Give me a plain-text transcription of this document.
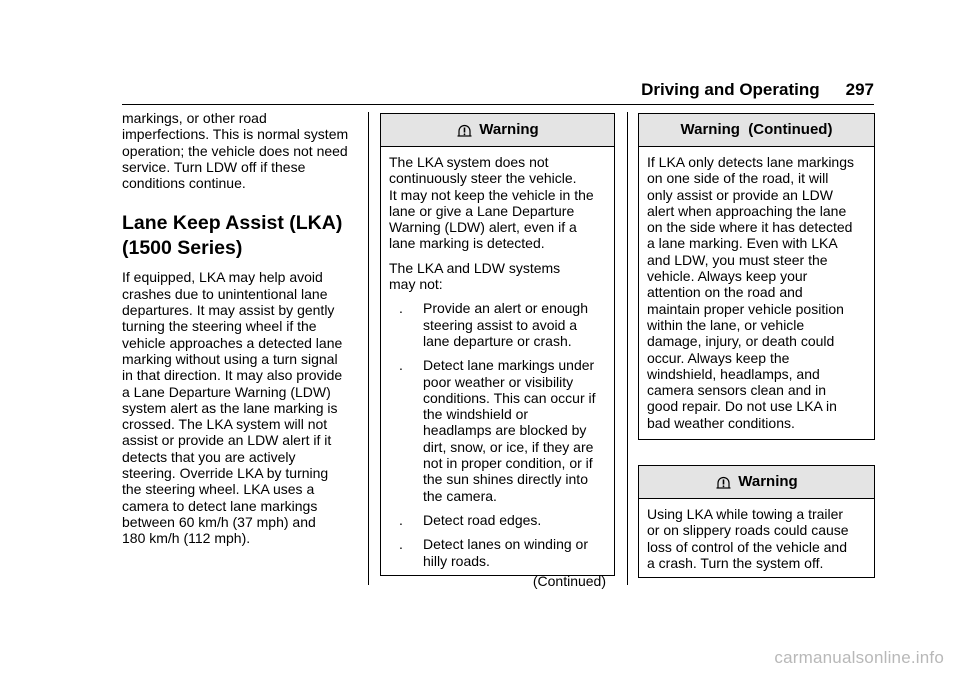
Driving and Operating 297

markings, or other road
imperfections. This is normal system
operation; the vehicle does not need
service. Turn LDW off if these
conditions continue.

Lane Keep Assist (LKA)
(1500 Series)

If equipped, LKA may help avoid
crashes due to unintentional lane
departures. It may assist by gently
turning the steering wheel if the
vehicle approaches a detected lane
marking without using a turn signal
in that direction. It may also provide
a Lane Departure Warning (LDW)
system alert as the lane marking is
crossed. The LKA system will not
assist or provide an LDW alert if it
detects that you are actively
steering. Override LKA by turning
the steering wheel. LKA uses a
camera to detect lane markings
between 60 km/h (37 mph) and
180 km/h (112 mph).

Warning

The LKA system does not
continuously steer the vehicle.
It may not keep the vehicle in the
lane or give a Lane Departure
Warning (LDW) alert, even if a
lane marking is detected.

The LKA and LDW systems
may not:

.	Provide an alert or enough
steering assist to avoid a
lane departure or crash.
.	Detect lane markings under
poor weather or visibility
conditions. This can occur if
the windshield or
headlamps are blocked by
dirt, snow, or ice, if they are
not in proper condition, or if
the sun shines directly into
the camera.
.	Detect road edges.
.	Detect lanes on winding or
hilly roads.
(Continued)
Warning  (Continued)

If LKA only detects lane markings
on one side of the road, it will
only assist or provide an LDW
alert when approaching the lane
on the side where it has detected
a lane marking. Even with LKA
and LDW, you must steer the
vehicle. Always keep your
attention on the road and
maintain proper vehicle position
within the lane, or vehicle
damage, injury, or death could
occur. Always keep the
windshield, headlamps, and
camera sensors clean and in
good repair. Do not use LKA in
bad weather conditions.

Warning

Using LKA while towing a trailer
or on slippery roads could cause
loss of control of the vehicle and
a crash. Turn the system off.

carmanualsonline.info
